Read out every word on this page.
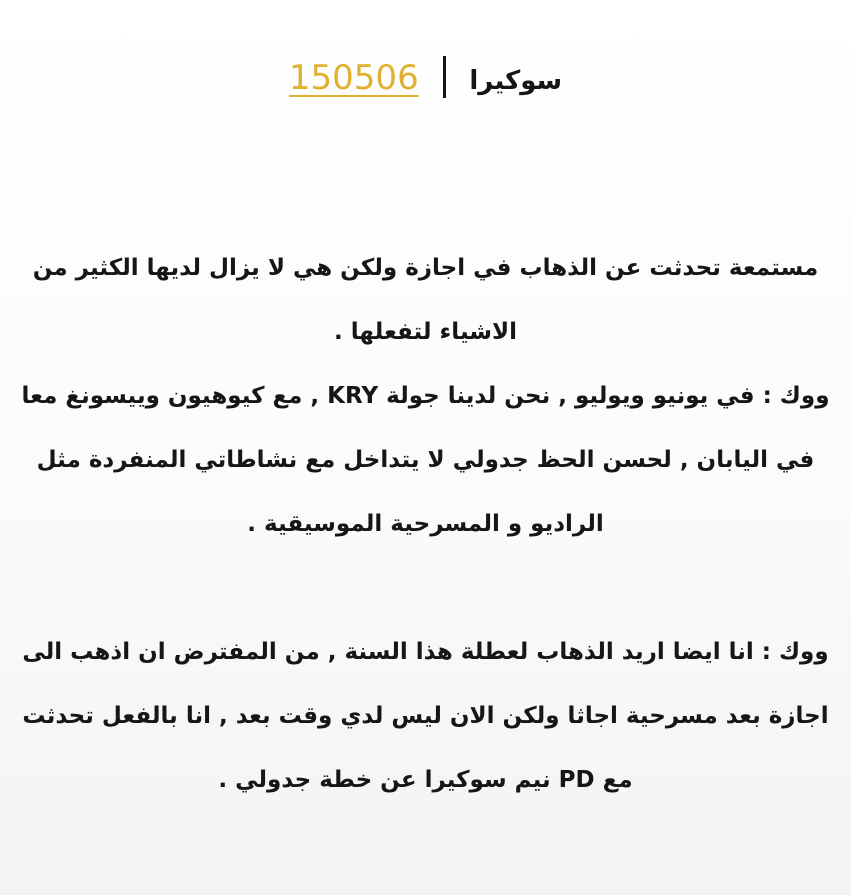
سوكيرا  150506

مستمعة تحدثت عن الذهاب في اجازة ولكن هي لا يزال لديها الكثير من الاشياء لتفعلها .

ووك : في يونيو ويوليو , نحن لدينا جولة KRY , مع كيوهيون وييسونغ معا في اليابان , لحسن الحظ جدولي لا يتداخل مع نشاطاتي المنفردة مثل الراديو و المسرحية الموسيقية .

ووك : انا ايضا اريد الذهاب لعطلة هذا السنة , من المفترض ان اذهب الى اجازة بعد مسرحية اجاثا ولكن الان ليس لدي وقت بعد , انا بالفعل تحدثت مع PD نيم سوكيرا عن خطة جدولي .
